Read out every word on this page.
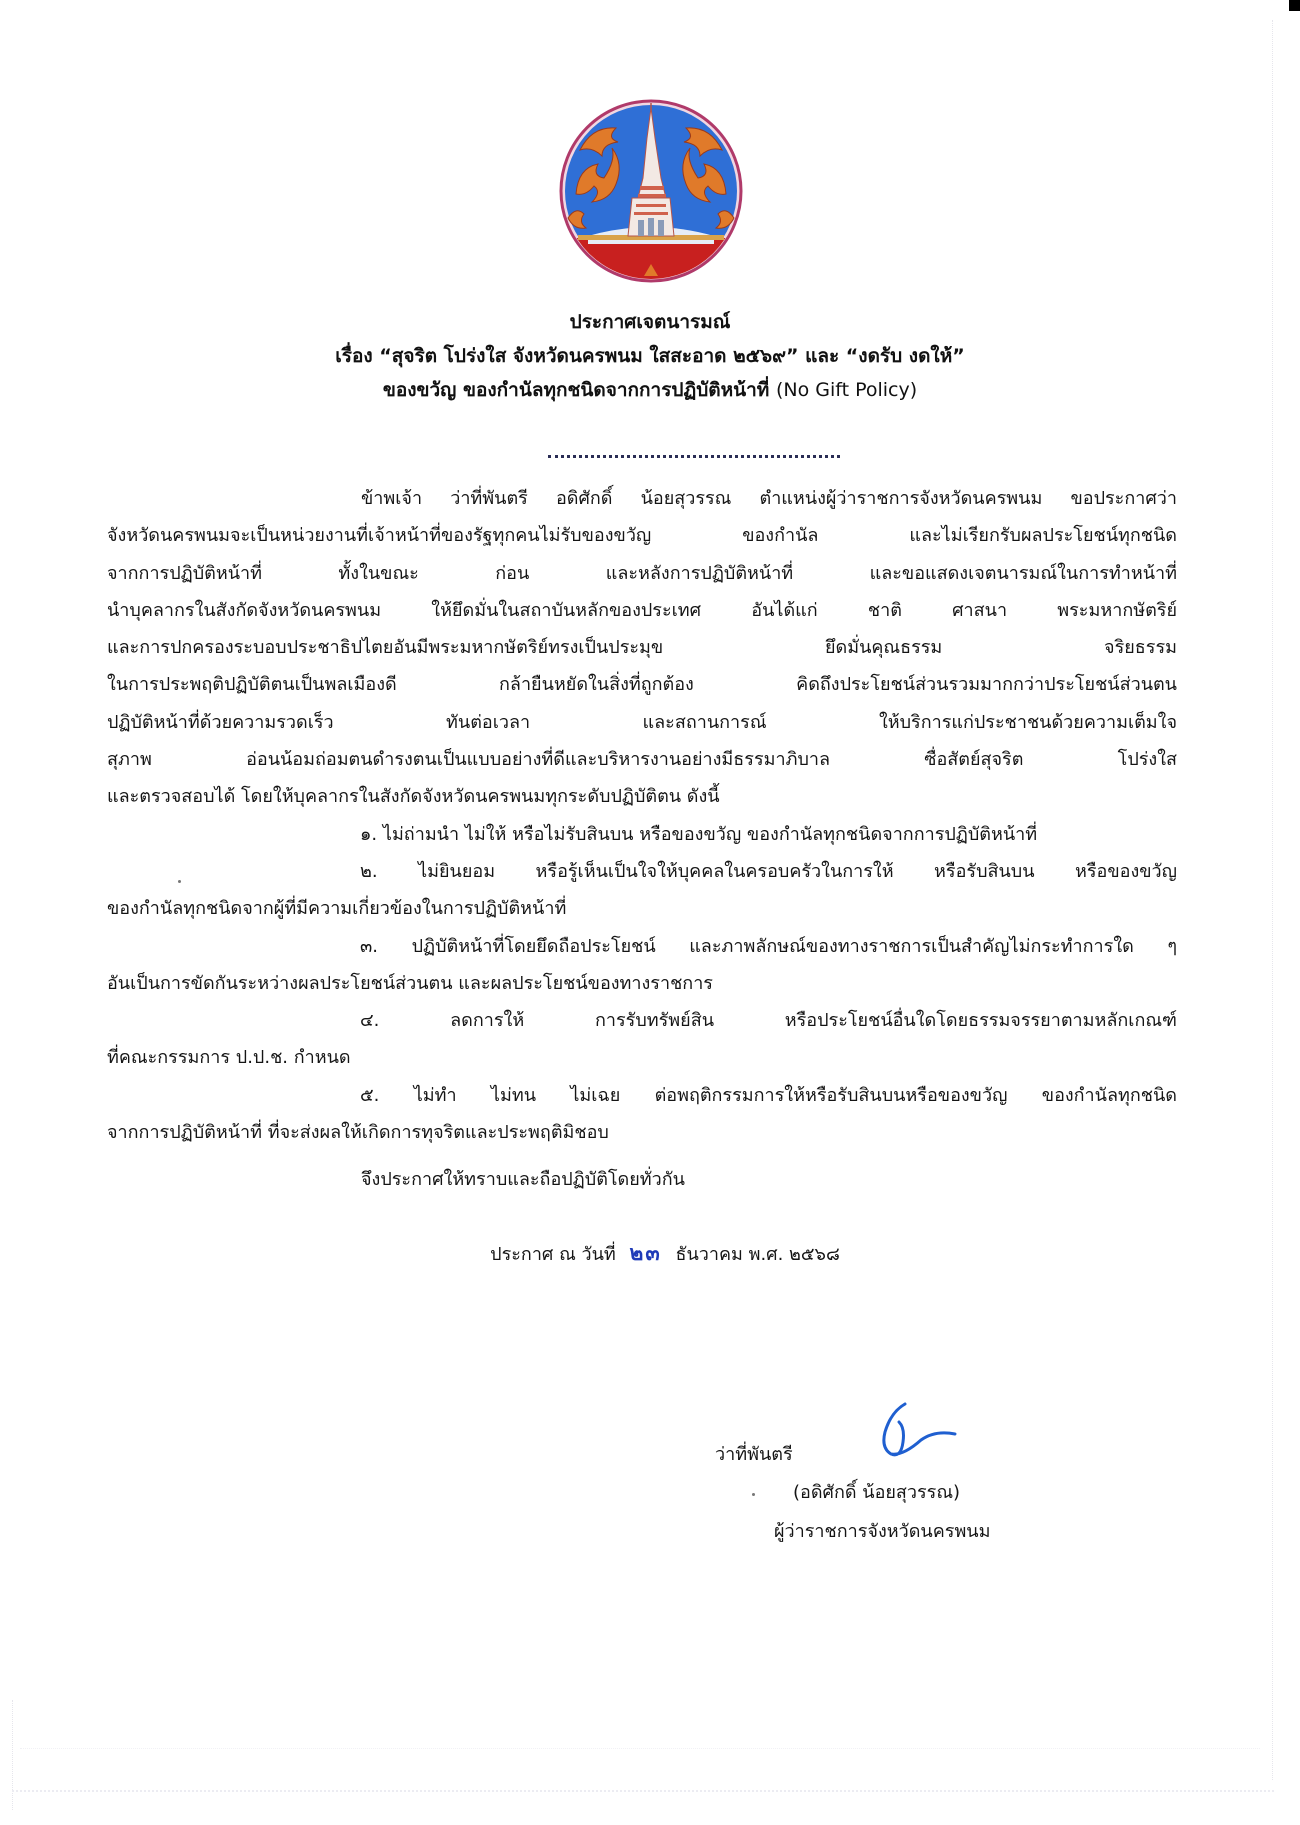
ประกาศเจตนารมณ์
เรื่อง “สุจริต โปร่งใส จังหวัดนครพนม ใสสะอาด ๒๕๖๙” และ “งดรับ งดให้”
ของขวัญ ของกำนัลทุกชนิดจากการปฏิบัติหน้าที่ (No Gift Policy)
ข้าพเจ้า ว่าที่พันตรี อดิศักดิ์ น้อยสุวรรณ ตำแหน่งผู้ว่าราชการจังหวัดนครพนม ขอประกาศว่า
จังหวัดนครพนมจะเป็นหน่วยงานที่เจ้าหน้าที่ของรัฐทุกคนไม่รับของขวัญ ของกำนัล และไม่เรียกรับผลประโยชน์ทุกชนิด
จากการปฏิบัติหน้าที่ ทั้งในขณะ ก่อน และหลังการปฏิบัติหน้าที่ และขอแสดงเจตนารมณ์ในการทำหน้าที่
นำบุคลากรในสังกัดจังหวัดนครพนม ให้ยึดมั่นในสถาบันหลักของประเทศ อันได้แก่ ชาติ ศาสนา พระมหากษัตริย์
และการปกครองระบอบประชาธิปไตยอันมีพระมหากษัตริย์ทรงเป็นประมุข ยึดมั่นคุณธรรม จริยธรรม
ในการประพฤติปฏิบัติตนเป็นพลเมืองดี กล้ายืนหยัดในสิ่งที่ถูกต้อง คิดถึงประโยชน์ส่วนรวมมากกว่าประโยชน์ส่วนตน
ปฏิบัติหน้าที่ด้วยความรวดเร็ว ทันต่อเวลา และสถานการณ์ ให้บริการแก่ประชาชนด้วยความเต็มใจ
สุภาพ อ่อนน้อมถ่อมตนดำรงตนเป็นแบบอย่างที่ดีและบริหารงานอย่างมีธรรมาภิบาล ซื่อสัตย์สุจริต โปร่งใส
และตรวจสอบได้ โดยให้บุคลากรในสังกัดจังหวัดนครพนมทุกระดับปฏิบัติตน ดังนี้
๑. ไม่ถ่ามนำ ไม่ให้ หรือไม่รับสินบน หรือของขวัญ ของกำนัลทุกชนิดจากการปฏิบัติหน้าที่
๒. ไม่ยินยอม หรือรู้เห็นเป็นใจให้บุคคลในครอบครัวในการให้ หรือรับสินบน หรือของขวัญ
ของกำนัลทุกชนิดจากผู้ที่มีความเกี่ยวข้องในการปฏิบัติหน้าที่
๓. ปฏิบัติหน้าที่โดยยึดถือประโยชน์ และภาพลักษณ์ของทางราชการเป็นสำคัญไม่กระทำการใด ๆ
อันเป็นการขัดกันระหว่างผลประโยชน์ส่วนตน และผลประโยชน์ของทางราชการ
๔.	ลดการให้ การรับทรัพย์สิน หรือประโยชน์อื่นใดโดยธรรมจรรยาตามหลักเกณฑ์
ที่คณะกรรมการ ป.ป.ช. กำหนด
๕. ไม่ทำ ไม่ทน ไม่เฉย ต่อพฤติกรรมการให้หรือรับสินบนหรือของขวัญ ของกำนัลทุกชนิด
จากการปฏิบัติหน้าที่ ที่จะส่งผลให้เกิดการทุจริตและประพฤติมิชอบ
จึงประกาศให้ทราบและถือปฏิบัติโดยทั่วกัน
ประกาศ ณ วันที่ ๒๓ ธันวาคม พ.ศ. ๒๕๖๘
ว่าที่พันตรี
(อดิศักดิ์ น้อยสุวรรณ)
ผู้ว่าราชการจังหวัดนครพนม
